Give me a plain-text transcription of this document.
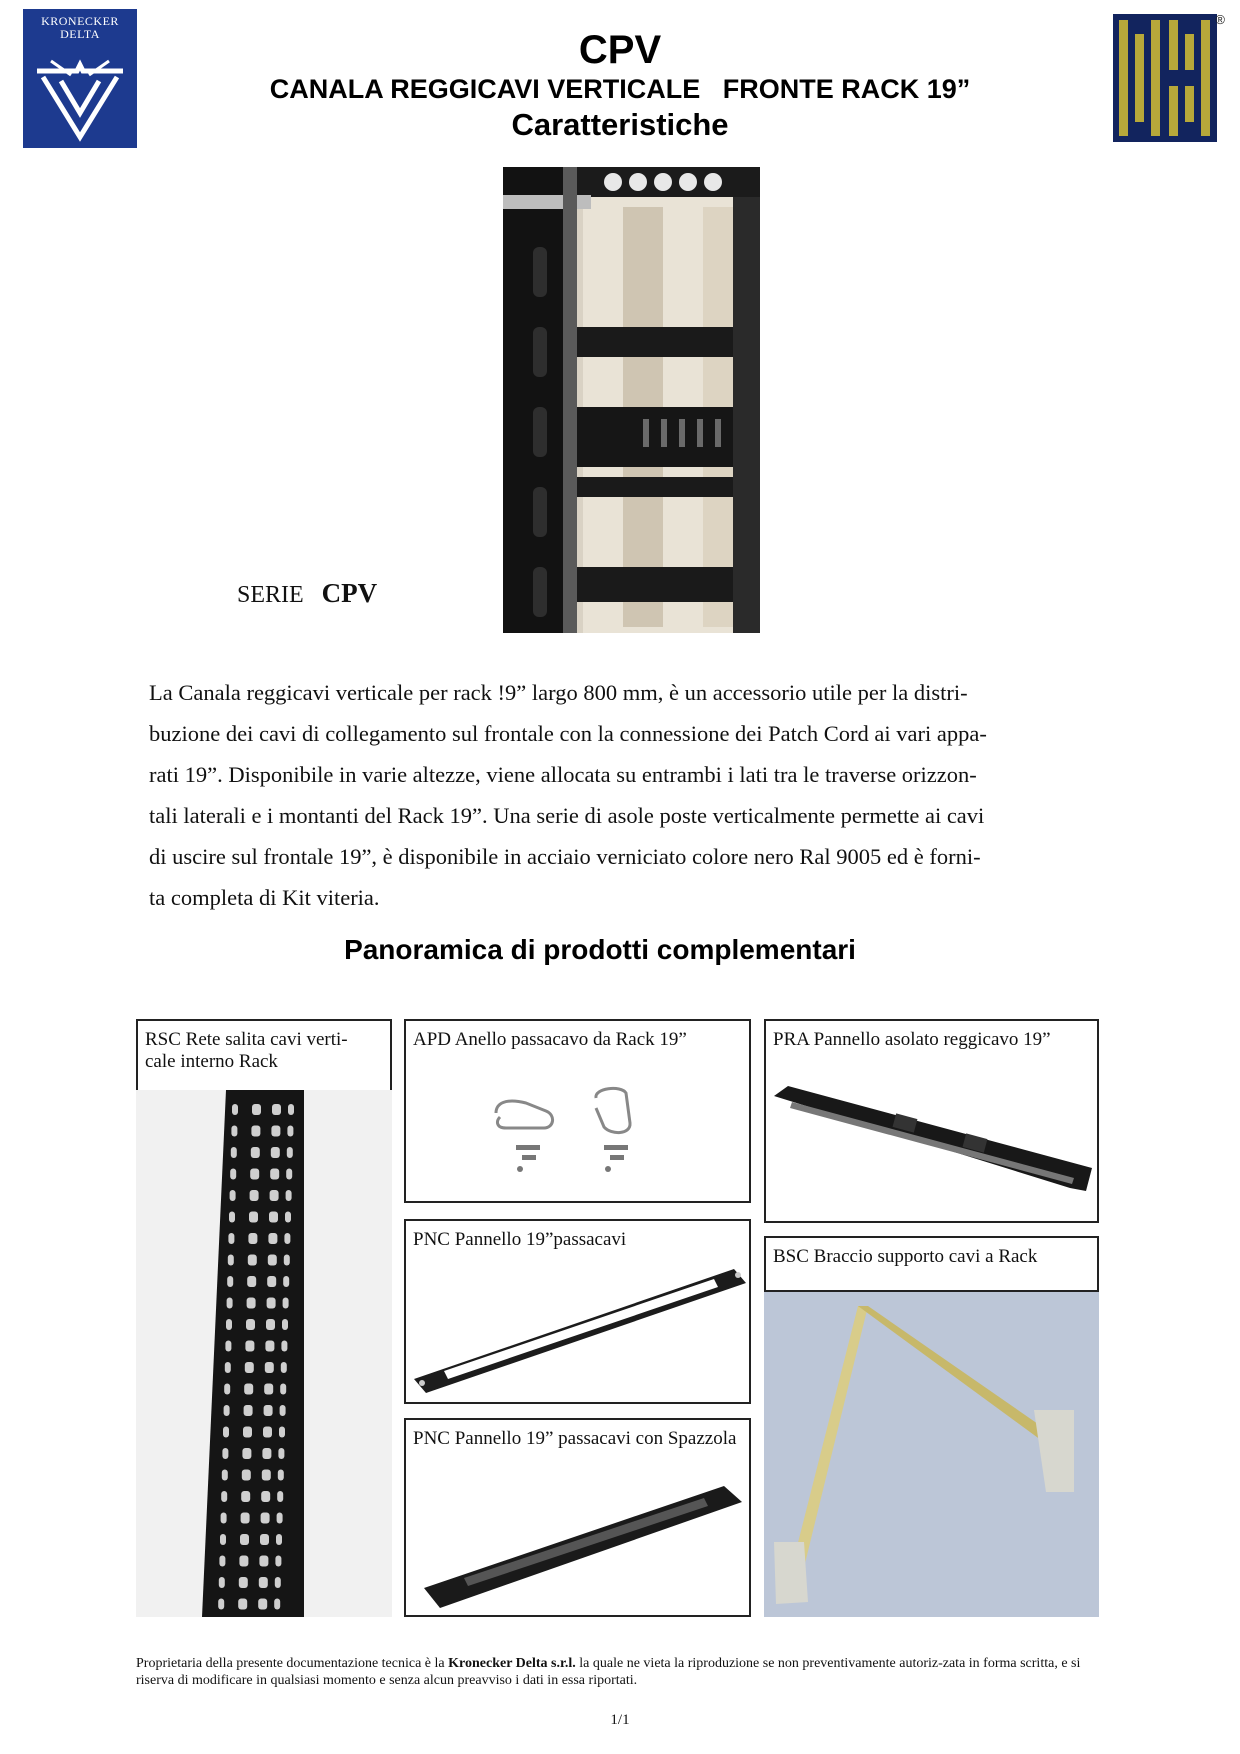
KRONECKER
DELTA
®
CPV
CANALA REGGICAVI VERTICALE   FRONTE RACK 19”
Caratteristiche
SERIE CPV
La Canala reggicavi verticale per rack !9” largo 800 mm, è un accessorio utile per la distri-
buzione dei cavi di collegamento sul frontale con la connessione dei Patch Cord ai vari appa-
rati 19”. Disponibile in varie altezze, viene allocata su entrambi i lati tra le traverse orizzon-
tali laterali e i montanti del Rack 19”. Una serie di asole poste verticalmente permette ai cavi
di uscire sul frontale 19”, è disponibile in acciaio verniciato colore nero Ral 9005 ed è forni-
ta completa di Kit viteria.
Panoramica di prodotti complementari
RSC Rete salita cavi verti-cale interno Rack
APD Anello passacavo da Rack 19”	PRA Pannello asolato reggicavo 19”
PNC Pannello 19”passacavi
BSC Braccio supporto cavi a Rack
PNC Pannello 19” passacavi con Spazzola
Proprietaria della presente documentazione tecnica è la Kronecker Delta s.r.l. la quale ne vieta la riproduzione se non preventivamente autoriz-zata in forma scritta, e si riserva di modificare in qualsiasi momento e senza alcun preavviso i dati in essa riportati.
1/1
